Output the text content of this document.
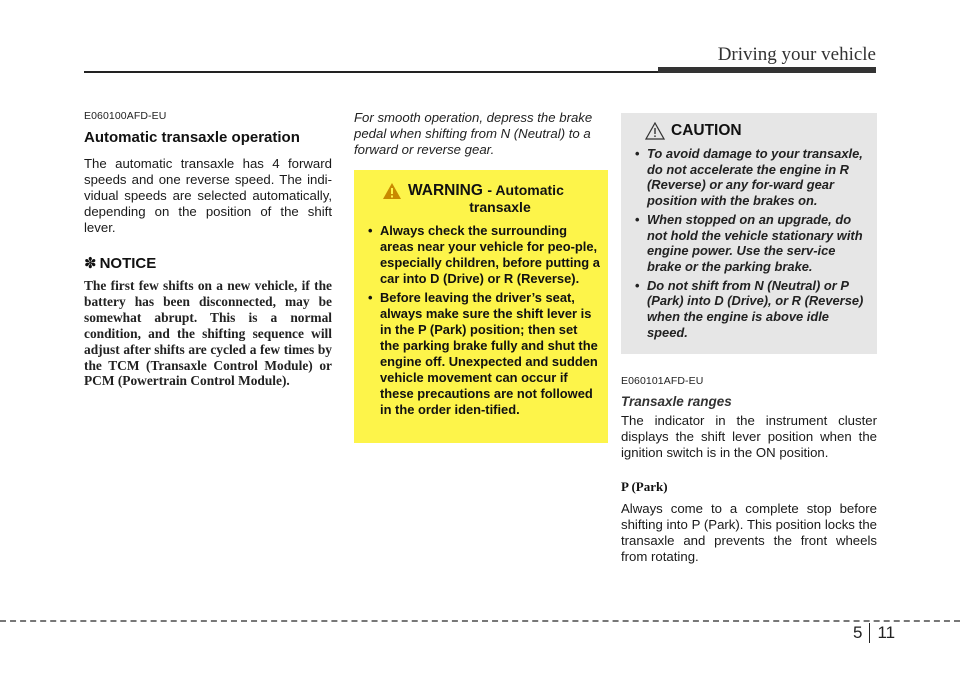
Driving your vehicle

E060100AFD-EU

Automatic transaxle operation

The automatic transaxle has 4 forward speeds and one reverse speed. The indi-vidual speeds are selected automatically, depending on the position of the shift lever.

✽ NOTICE

The first few shifts on a new vehicle, if the battery has been disconnected, may be somewhat abrupt. This is a normal condition, and the shifting sequence will adjust after shifts are cycled a few times by the TCM (Transaxle Control Module) or PCM (Powertrain Control Module).

For smooth operation, depress the brake pedal when shifting from N (Neutral) to a forward or reverse gear.

WARNING - Automatic
transaxle
• Always check the surrounding areas near your vehicle for peo-ple, especially children, before putting a car into D (Drive) or R (Reverse).
• Before leaving the driver’s seat, always make sure the shift lever is in the P (Park) position; then set the parking brake fully and shut the engine off. Unexpected and sudden vehicle movement can occur if these precautions are not followed in the order iden-tified.
CAUTION
• To avoid damage to your transaxle, do not accelerate the engine in R (Reverse) or any for-ward gear position with the brakes on.
• When stopped on an upgrade, do not hold the vehicle stationary with engine power. Use the serv-ice brake or the parking brake.
• Do not shift from N (Neutral) or P (Park) into D (Drive), or R (Reverse) when the engine is above idle speed.

E060101AFD-EU

Transaxle ranges

The indicator in the instrument cluster displays the shift lever position when the ignition switch is in the ON position.

P (Park)

Always come to a complete stop before shifting into P (Park). This position locks the transaxle and prevents the front wheels from rotating.

5 11
